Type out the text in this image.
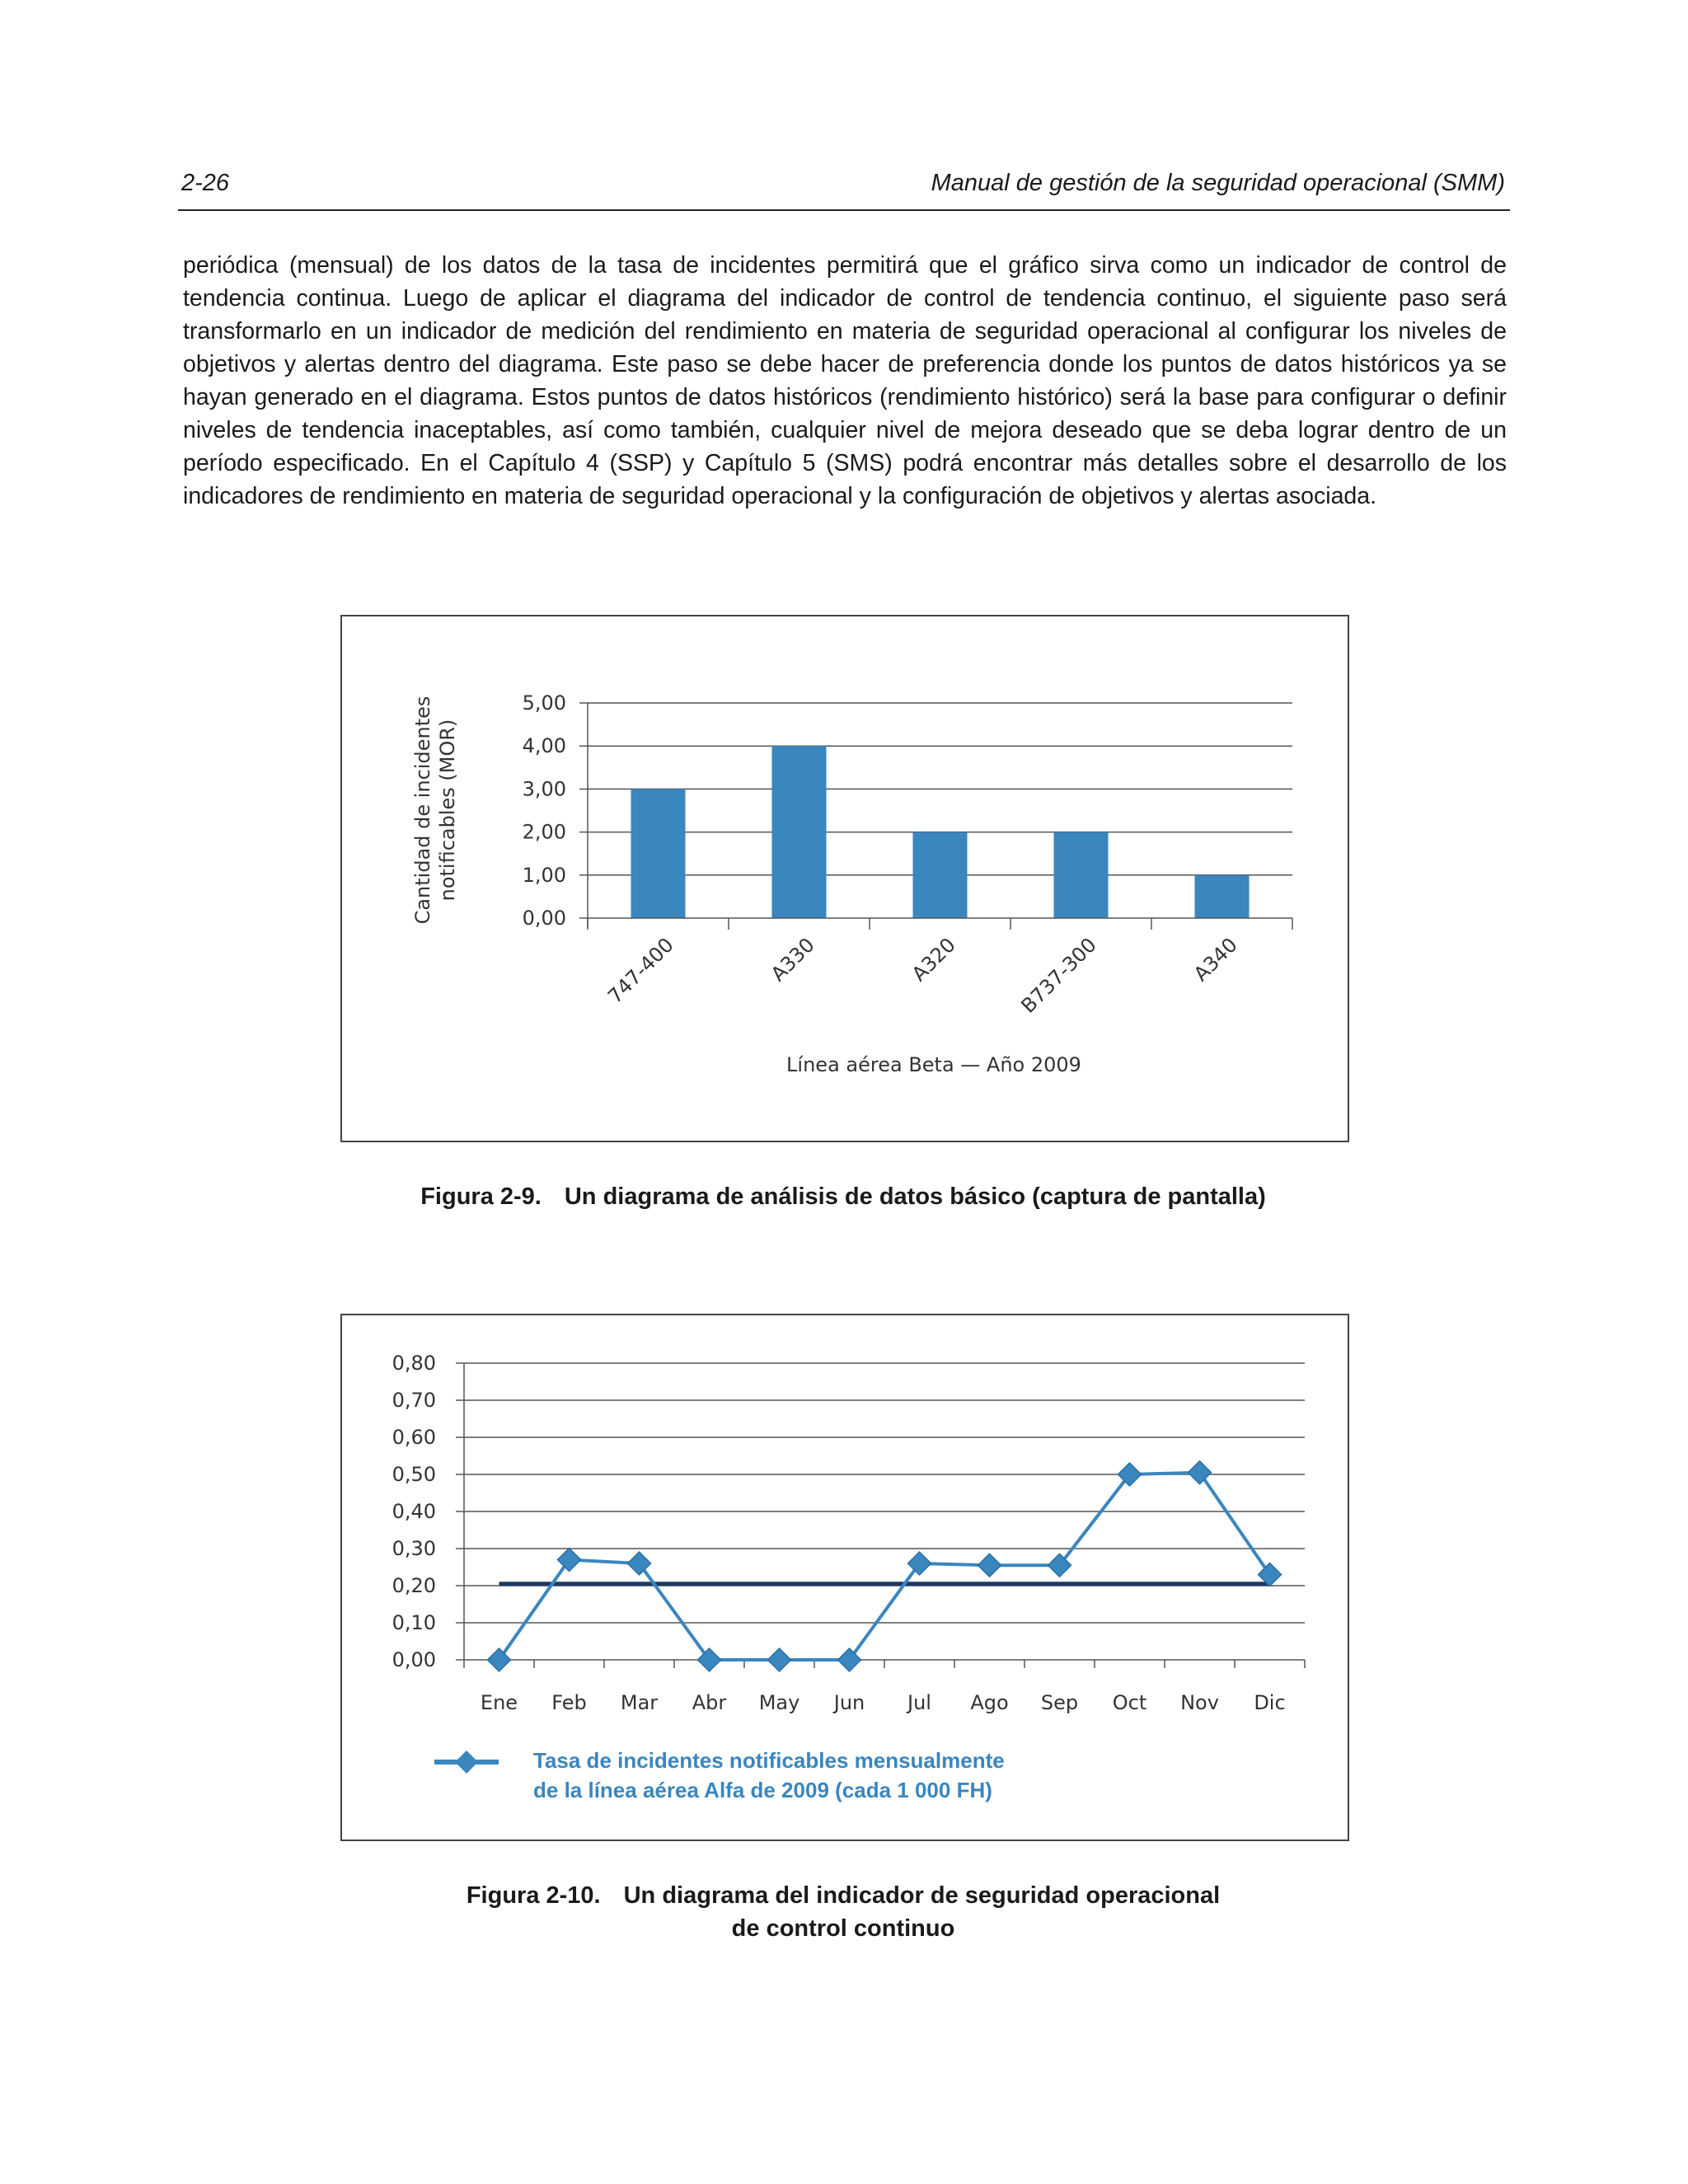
2-26	Manual de gestión de la seguridad operacional (SMM)
periódica (mensual) de los datos de la tasa de incidentes permitirá que el gráfico sirva como un indicador de control de tendencia continua. Luego de aplicar el diagrama del indicador de control de tendencia continuo, el siguiente paso será transformarlo en un indicador de medición del rendimiento en materia de seguridad operacional al configurar los niveles de objetivos y alertas dentro del diagrama. Este paso se debe hacer de preferencia donde los puntos de datos históricos ya se hayan generado en el diagrama. Estos puntos de datos históricos (rendimiento histórico) será la base para configurar o definir niveles de tendencia inaceptables, así como también, cualquier nivel de mejora deseado que se deba lograr dentro de un período especificado. En el Capítulo 4 (SSP) y Capítulo 5 (SMS) podrá encontrar más detalles sobre el desarrollo de los indicadores de rendimiento en materia de seguridad operacional y la configuración de objetivos y alertas asociada.
0,00
1,00
2,00
3,00
4,00
5,00
747-400	A330	A320	B737-300	A340
Cantidad de incidentesnotificables (MOR)
Línea aérea Beta — Año 2009
Figura 2-9. Un diagrama de análisis de datos básico (captura de pantalla)
0,00
0,10
0,20
0,30
0,40
0,50
0,60
0,70
0,80
Ene Feb Mar Abr May Jun Jul Ago Sep Oct Nov Dic
Tasa de incidentes notificables mensualmente
de la línea aérea Alfa de 2009 (cada 1 000 FH)
Figura 2-10. Un diagrama del indicador de seguridad operacional
de control continuo
